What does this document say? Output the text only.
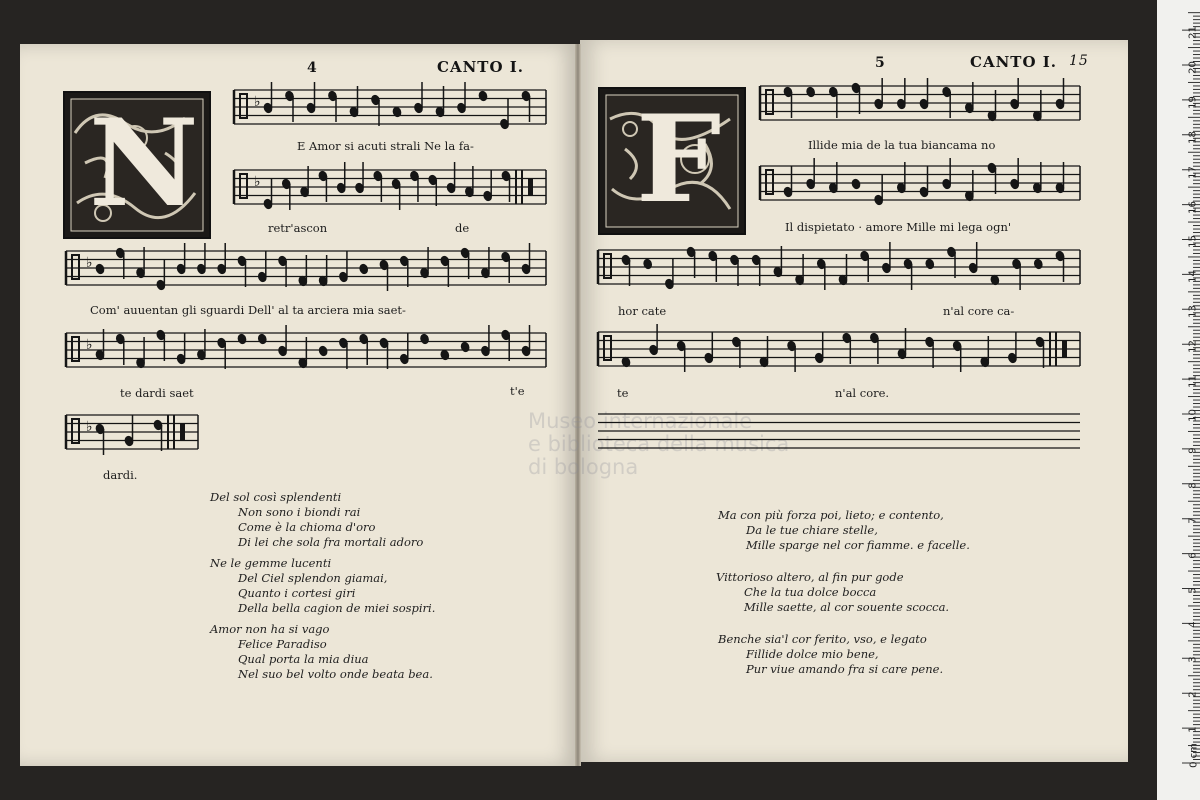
Museo internazionale
e biblioteca della musica
di bologna
4	CANTO I.
N	F
♭
♭
♭
♭
♭
E Amor si acuti strali Ne la fa-
retr'ascon	de
Com' auuentan gli sguardi Dell' al ta arciera mia saet-
te dardi saet	t'e
dardi.
Del sol così splendenti
Non sono i biondi rai
Come è la chioma d'oro
Di lei che sola fra mortali adoro
Ne le gemme lucenti
Del Ciel splendon giamai,
Quanto i cortesi giri
Della bella cagion de miei sospiri.
Amor non ha si vago
Felice Paradiso
Qual porta la mia diua
Nel suo bel volto onde beata bea.
5	CANTO I. 15
Illide mia de la tua biancama no
Il dispietato · amore Mille mi lega ogn'
hor cate	n'al core ca-
te	n'al core.
Ma con più forza poi, lieto; e contento,
Da le tue chiare stelle,
Mille sparge nel cor fiamme. e facelle.
Vittorioso altero, al fin pur gode
Che la tua dolce bocca
Mille saette, al cor souente scocca.
Benche sia'l cor ferito, vso, e legato
Fillide dolce mio bene,
Pur viue amando fra si care pene.
0 cm
1
2
3
4
5
6
7
8
9
10
11
12
13
14
15
16
17
18
19
20
21
